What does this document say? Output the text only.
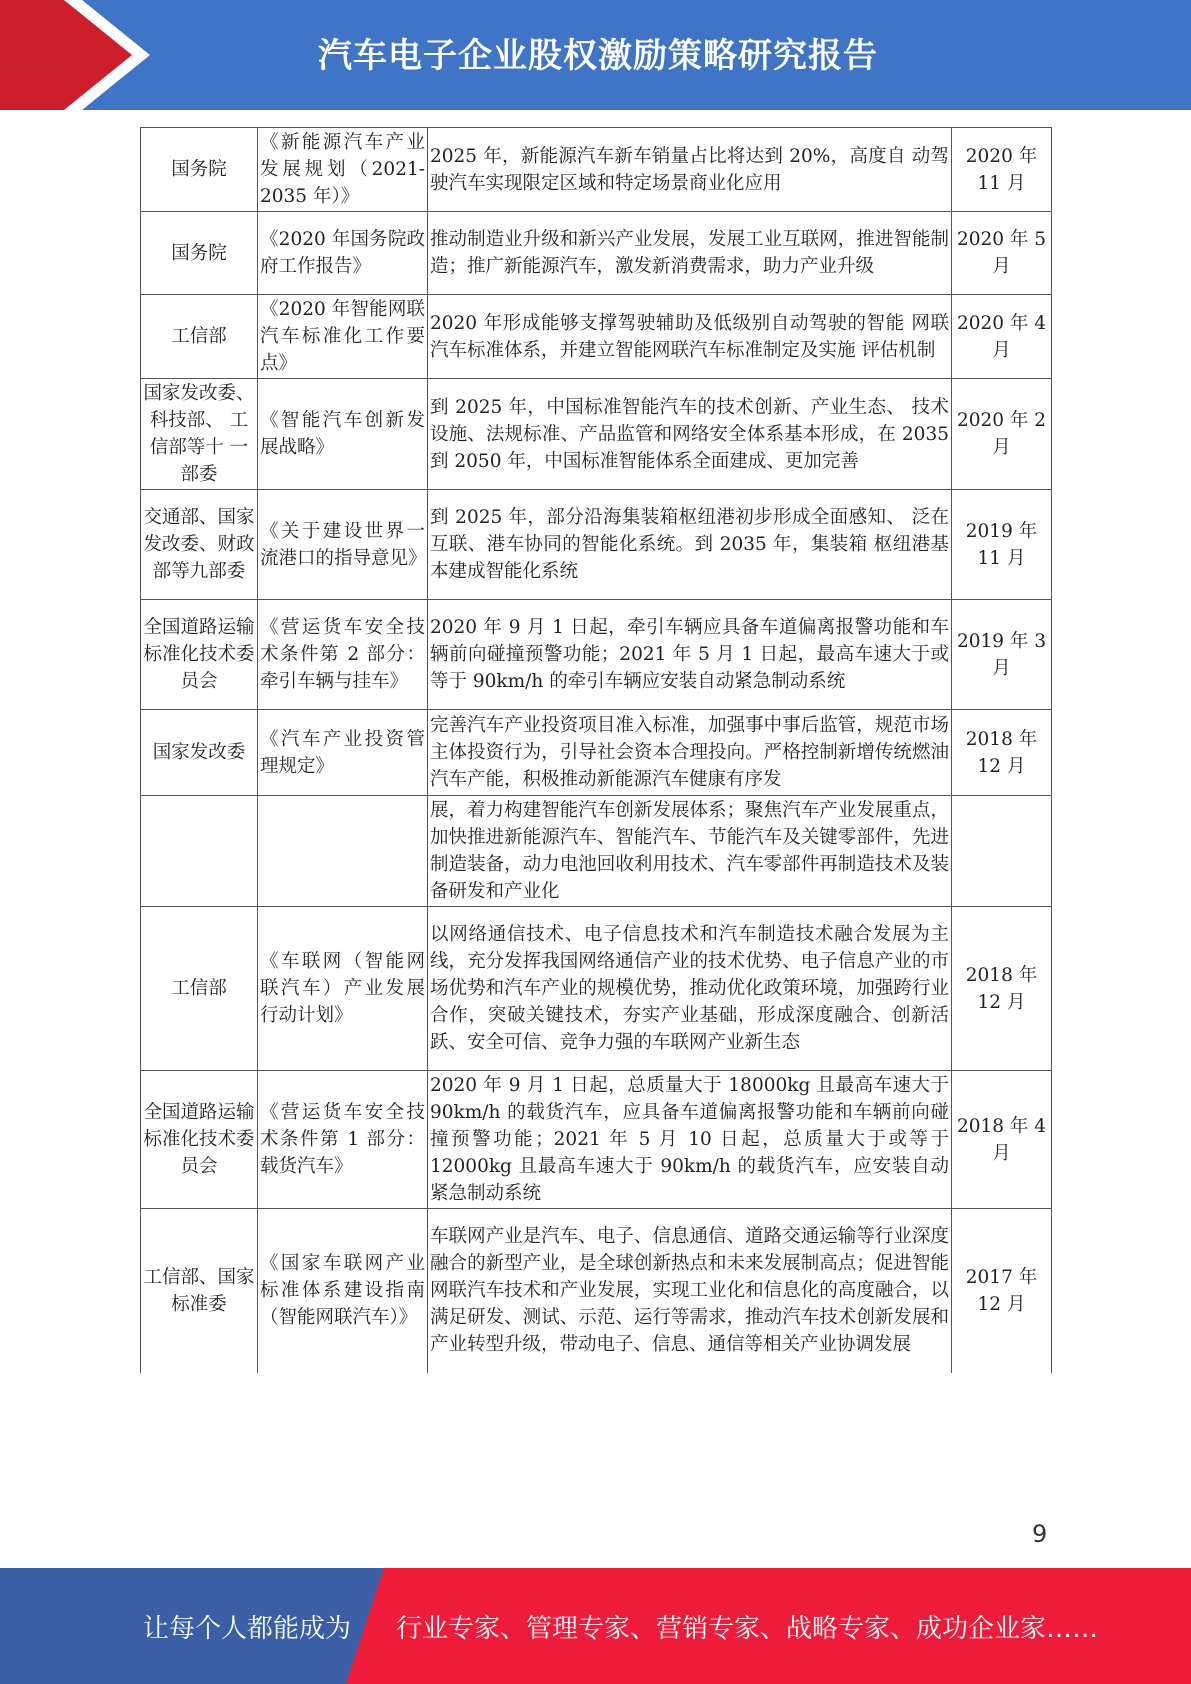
汽车电子企业股权激励策略研究报告
国务院	《新能源汽车产业发展规划（2021-2035 年）》	2025 年，新能源汽车新车销量占比将达到 20%，高度自 动驾驶汽车实现限定区域和特定场景商业化应用	2020 年 11 月
国务院	《2020 年国务院政府工作报告》	推动制造业升级和新兴产业发展，发展工业互联网，推进智能制造；推广新能源汽车，激发新消费需求，助力产业升级	2020 年 5 月
工信部	《2020 年智能网联汽车标准化工作要点》	2020 年形成能够支撑驾驶辅助及低级别自动驾驶的智能 网联汽车标准体系，并建立智能网联汽车标准制定及实施 评估机制	2020 年 4 月
国家发改委、科技部、 工信部等十 一部委	《智能汽车创新发展战略》	到 2025 年，中国标准智能汽车的技术创新、产业生态、 技术设施、法规标准、产品监管和网络安全体系基本形成，在 2035 到 2050 年，中国标准智能体系全面建成、更加完善	2020 年 2 月
交通部、国家发改委、财政部等九部委	《关于建设世界一流港口的指导意见》	到 2025 年，部分沿海集装箱枢纽港初步形成全面感知、 泛在互联、港车协同的智能化系统。到 2035 年，集装箱 枢纽港基本建成智能化系统	2019 年 11 月
全国道路运输标准化技术委员会	《营运货车安全技术条件第 2 部分：牵引车辆与挂车》	2020 年 9 月 1 日起，牵引车辆应具备车道偏离报警功能和车辆前向碰撞预警功能；2021 年 5 月 1 日起，最高车速大于或等于 90km/h 的牵引车辆应安装自动紧急制动系统	2019 年 3 月
国家发改委	《汽车产业投资管理规定》	完善汽车产业投资项目准入标准，加强事中事后监管，规范市场主体投资行为，引导社会资本合理投向。严格控制新增传统燃油汽车产能，积极推动新能源汽车健康有序发	2018 年 12 月
		展，着力构建智能汽车创新发展体系；聚焦汽车产业发展重点，加快推进新能源汽车、智能汽车、节能汽车及关键零部件，先进制造装备，动力电池回收利用技术、汽车零部件再制造技术及装备研发和产业化	
工信部	《车联网（智能网联汽车）产业发展行动计划》	以网络通信技术、电子信息技术和汽车制造技术融合发展为主线，充分发挥我国网络通信产业的技术优势、电子信息产业的市场优势和汽车产业的规模优势，推动优化政策环境，加强跨行业合作，突破关键技术，夯实产业基础，形成深度融合、创新活跃、安全可信、竞争力强的车联网产业新生态	2018 年 12 月
全国道路运输标准化技术委员会	《营运货车安全技术条件第 1 部分：载货汽车》	2020 年 9 月 1 日起，总质量大于 18000kg 且最高车速大于 90km/h 的载货汽车，应具备车道偏离报警功能和车辆前向碰撞预警功能；2021 年 5 月 10 日起，总质量大于或等于 12000kg 且最高车速大于 90km/h 的载货汽车，应安装自动紧急制动系统	2018 年 4 月
工信部、国家标准委	《国家车联网产业标准体系建设指南（智能网联汽车）》	车联网产业是汽车、电子、信息通信、道路交通运输等行业深度融合的新型产业，是全球创新热点和未来发展制高点；促进智能网联汽车技术和产业发展，实现工业化和信息化的高度融合，以满足研发、测试、示范、运行等需求，推动汽车技术创新发展和产业转型升级，带动电子、信息、通信等相关产业协调发展	2017 年 12 月
9
让每个人都能成为 行业专家、管理专家、营销专家、战略专家、成功企业家……
